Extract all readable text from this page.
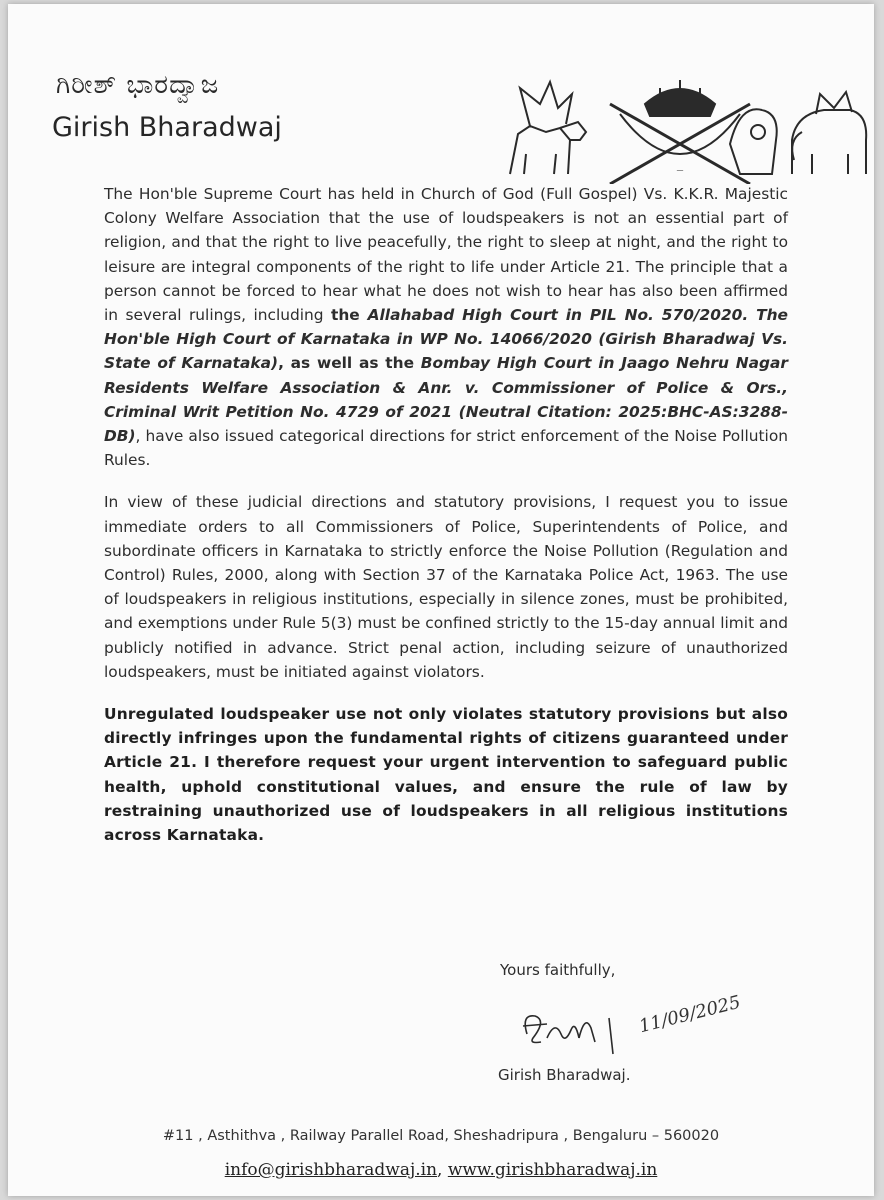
ಗಿರೀಶ್ ಭಾರದ್ವಾಜ
Girish Bharadwaj
—

The Hon'ble Supreme Court has held in Church of God (Full Gospel) Vs. K.K.R. Majestic Colony Welfare Association that the use of loudspeakers is not an essential part of religion, and that the right to live peacefully, the right to sleep at night, and the right to leisure are integral components of the right to life under Article 21. The principle that a person cannot be forced to hear what he does not wish to hear has also been affirmed in several rulings, including the Allahabad High Court in PIL No. 570/2020. The Hon'ble High Court of Karnataka in WP No. 14066/2020 (Girish Bharadwaj Vs. State of Karnataka), as well as the Bombay High Court in Jaago Nehru Nagar Residents Welfare Association & Anr. v. Commissioner of Police & Ors., Criminal Writ Petition No. 4729 of 2021 (Neutral Citation: 2025:BHC-AS:3288-DB), have also issued categorical directions for strict enforcement of the Noise Pollution Rules.

In view of these judicial directions and statutory provisions, I request you to issue immediate orders to all Commissioners of Police, Superintendents of Police, and subordinate officers in Karnataka to strictly enforce the Noise Pollution (Regulation and Control) Rules, 2000, along with Section 37 of the Karnataka Police Act, 1963. The use of loudspeakers in religious institutions, especially in silence zones, must be prohibited, and exemptions under Rule 5(3) must be confined strictly to the 15-day annual limit and publicly notified in advance. Strict penal action, including seizure of unauthorized loudspeakers, must be initiated against violators.

Unregulated loudspeaker use not only violates statutory provisions but also directly infringes upon the fundamental rights of citizens guaranteed under Article 21. I therefore request your urgent intervention to safeguard public health, uphold constitutional values, and ensure the rule of law by restraining unauthorized use of loudspeakers in all religious institutions across Karnataka.

Yours faithfully,
11/09/2025
Girish Bharadwaj.
#11 , Asthithva , Railway Parallel Road, Sheshadripura , Bengaluru – 560020
info@girishbharadwaj.in, www.girishbharadwaj.in
